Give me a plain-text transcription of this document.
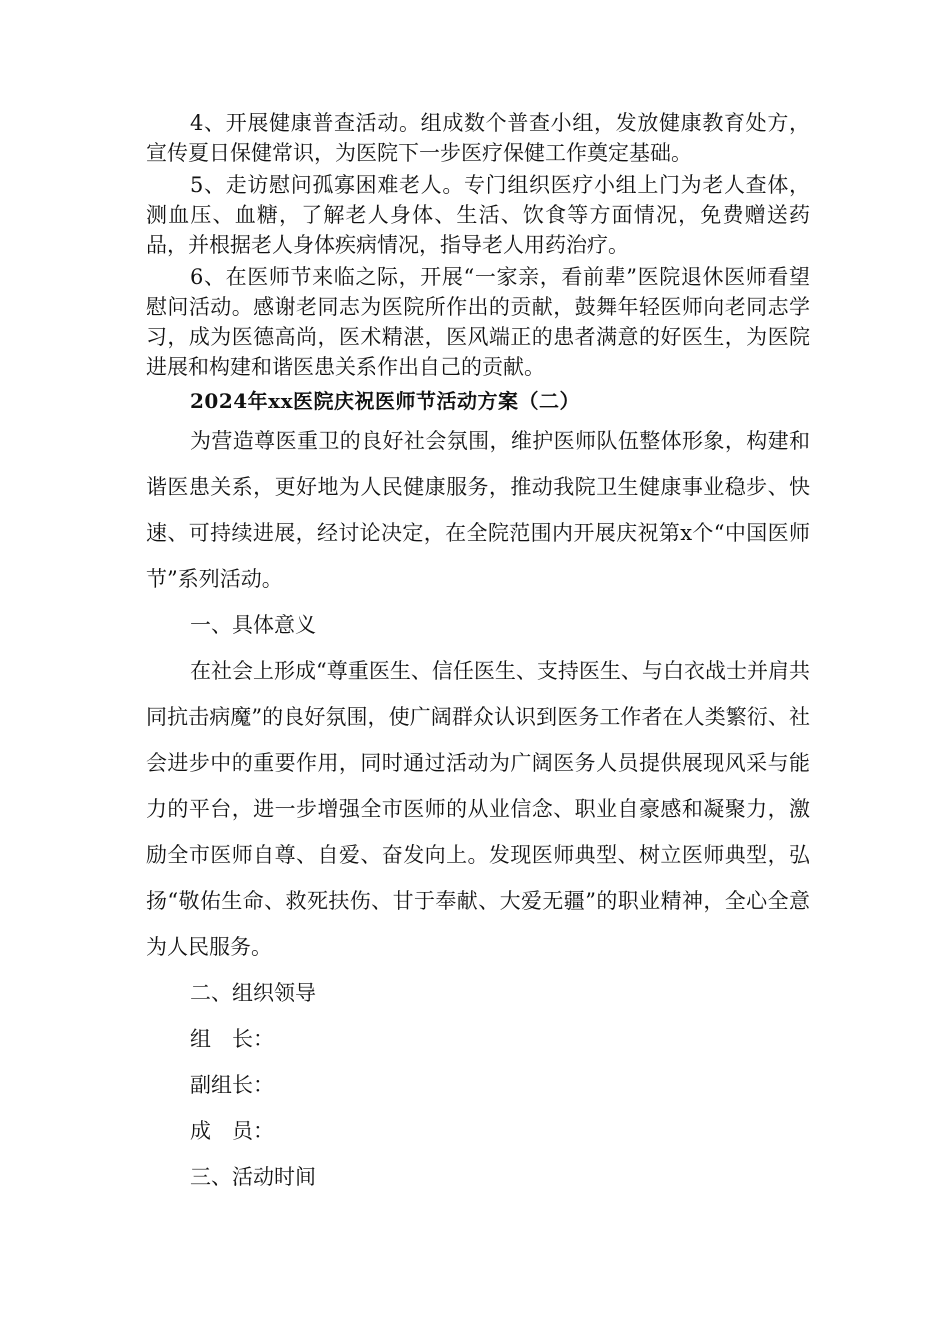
4、开展健康普查活动。组成数个普查小组，发放健康教育处方，宣传夏日保健常识，为医院下一步医疗保健工作奠定基础。

5、走访慰问孤寡困难老人。专门组织医疗小组上门为老人查体，测血压、血糖，了解老人身体、生活、饮食等方面情况，免费赠送药品，并根据老人身体疾病情况，指导老人用药治疗。

6、在医师节来临之际，开展“一家亲，看前辈”医院退休医师看望慰问活动。感谢老同志为医院所作出的贡献，鼓舞年轻医师向老同志学习，成为医德高尚，医术精湛，医风端正的患者满意的好医生，为医院进展和构建和谐医患关系作出自己的贡献。

2024年xx医院庆祝医师节活动方案（二）

为营造尊医重卫的良好社会氛围，维护医师队伍整体形象，构建和谐医患关系，更好地为人民健康服务，推动我院卫生健康事业稳步、快速、可持续进展，经讨论决定，在全院范围内开展庆祝第x个“中国医师节”系列活动。

一、具体意义

在社会上形成“尊重医生、信任医生、支持医生、与白衣战士并肩共同抗击病魔”的良好氛围，使广阔群众认识到医务工作者在人类繁衍、社会进步中的重要作用，同时通过活动为广阔医务人员提供展现风采与能力的平台，进一步增强全市医师的从业信念、职业自豪感和凝聚力，激励全市医师自尊、自爱、奋发向上。发现医师典型、树立医师典型，弘扬“敬佑生命、救死扶伤、甘于奉献、大爱无疆”的职业精神，全心全意为人民服务。

二、组织领导

组　长：

副组长：

成　员：

三、活动时间
